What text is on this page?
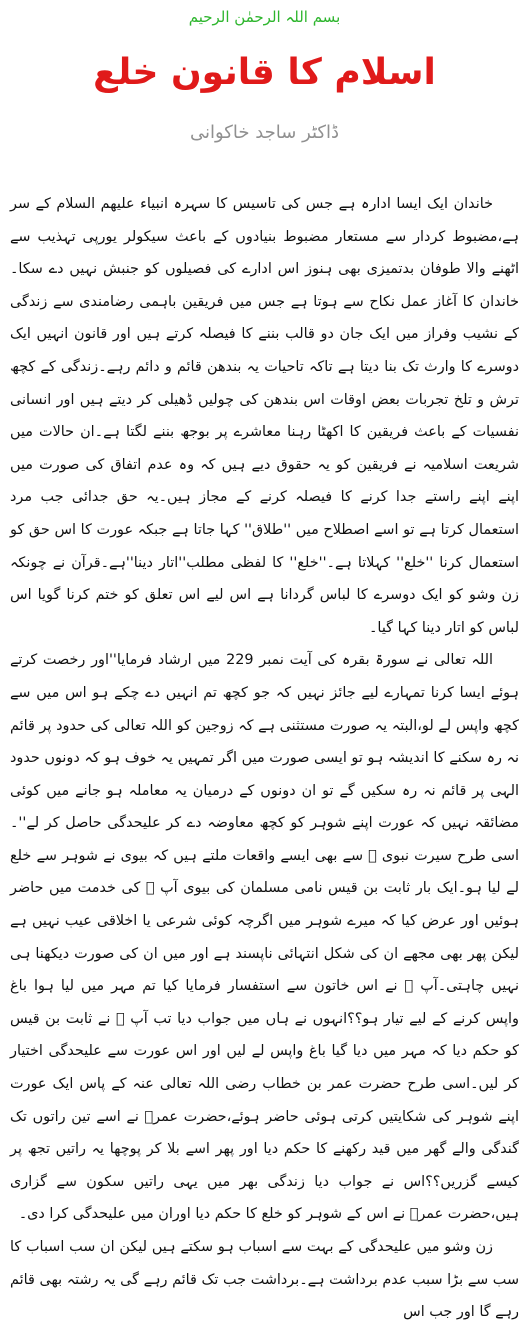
بسم اللہ الرحمٰن الرحیم
اسلام کا قانون خلع
ڈاکٹر ساجد خاکوانی

خاندان ایک ایسا ادارہ ہے جس کی تاسیس کا سہرہ انبیاء علیھم السلام کے سر ہے،مضبوط کردار سے مستعار مضبوط بنیادوں کے باعث سیکولر یورپی تہذیب سے اٹھنے والا طوفان بدتمیزی بھی ہنوز اس ادارے کی فصیلوں کو جنبش نہیں دے سکا۔خاندان کا آغاز عمل نکاح سے ہوتا ہے جس میں فریقین باہمی رضامندی سے زندگی کے نشیب وفراز میں ایک جان دو قالب بننے کا فیصلہ کرتے ہیں اور قانون انہیں ایک دوسرے کا وارث تک بنا دیتا ہے تاکہ تاحیات یہ بندھن قائم و دائم رہے۔زندگی کے کچھ ترش و تلخ تجربات بعض اوقات اس بندھن کی چولیں ڈھیلی کر دیتے ہیں اور انسانی نفسیات کے باعث فریقین کا اکھٹا رہنا معاشرے پر بوجھ بننے لگتا ہے۔ان حالات میں شریعت اسلامیہ نے فریقین کو یہ حقوق دیے ہیں کہ وہ عدم اتفاق کی صورت میں اپنے اپنے راستے جدا کرنے کا فیصلہ کرنے کے مجاز ہیں۔یہ حق جدائی جب مرد استعمال کرتا ہے تو اسے اصطلاح میں ''طلاق'' کہا جاتا ہے جبکہ عورت کا اس حق کو استعمال کرنا ''خلع'' کہلاتا ہے۔''خلع'' کا لفظی مطلب''اتار دینا''ہے۔قرآن نے چونکہ زن وشو کو ایک دوسرے کا لباس گردانا ہے اس لیے اس تعلق کو ختم کرنا گویا اس لباس کو اتار دینا کہا گیا۔

اللہ تعالی نے سورۃ بقرہ کی آیت نمبر 229 میں ارشاد فرمایا''اور رخصت کرتے ہوئے ایسا کرنا تمہارے لیے جائز نہیں کہ جو کچھ تم انہیں دے چکے ہو اس میں سے کچھ واپس لے لو،البتہ یہ صورت مستثنی ہے کہ زوجین کو اللہ تعالی کی حدود پر قائم نہ رہ سکنے کا اندیشہ ہو تو ایسی صورت میں اگر تمہیں یہ خوف ہو کہ دونوں حدود الہی پر قائم نہ رہ سکیں گے تو ان دونوں کے درمیان یہ معاملہ ہو جانے میں کوئی مضائقہ نہیں کہ عورت اپنے شوہر کو کچھ معاوضہ دے کر علیحدگی حاصل کر لے''۔اسی طرح سیرت نبوی ﷺ سے بھی ایسے واقعات ملتے ہیں کہ بیوی نے شوہر سے خلع لے لیا ہو۔ایک بار ثابت بن قیس نامی مسلمان کی بیوی آپ ﷺ کی خدمت میں حاضر ہوئیں اور عرض کیا کہ میرے شوہر میں اگرچہ کوئی شرعی یا اخلاقی عیب نہیں ہے لیکن پھر بھی مجھے ان کی شکل انتہائی ناپسند ہے اور میں ان کی صورت دیکھنا ہی نہیں چاہتی۔آپ ﷺ نے اس خاتون سے استفسار فرمایا کیا تم مہر میں لیا ہوا باغ واپس کرنے کے لیے تیار ہو؟؟انہوں نے ہاں میں جواب دیا تب آپ ﷺ نے ثابت بن قیس کو حکم دیا کہ مہر میں دیا گیا باغ واپس لے لیں اور اس عورت سے علیحدگی اختیار کر لیں۔اسی طرح حضرت عمر بن خطاب رضی اللہ تعالی عنہ کے پاس ایک عورت اپنے شوہر کی شکایتیں کرتی ہوئی حاضر ہوئے،حضرت عمرؓ نے اسے تین راتوں تک گندگی والے گھر میں قید رکھنے کا حکم دیا اور پھر اسے بلا کر پوچھا یہ راتیں تجھ پر کیسے گزریں؟؟اس نے جواب دیا زندگی بھر میں یہی راتیں سکون سے گزاری ہیں،حضرت عمرؓ نے اس کے شوہر کو خلع کا حکم دیا اوران میں علیحدگی کرا دی۔

زن وشو میں علیحدگی کے بہت سے اسباب ہو سکتے ہیں لیکن ان سب اسباب کا سب سے بڑا سبب عدم برداشت ہے۔برداشت جب تک قائم رہے گی یہ رشتہ بھی قائم رہے گا اور جب اس
